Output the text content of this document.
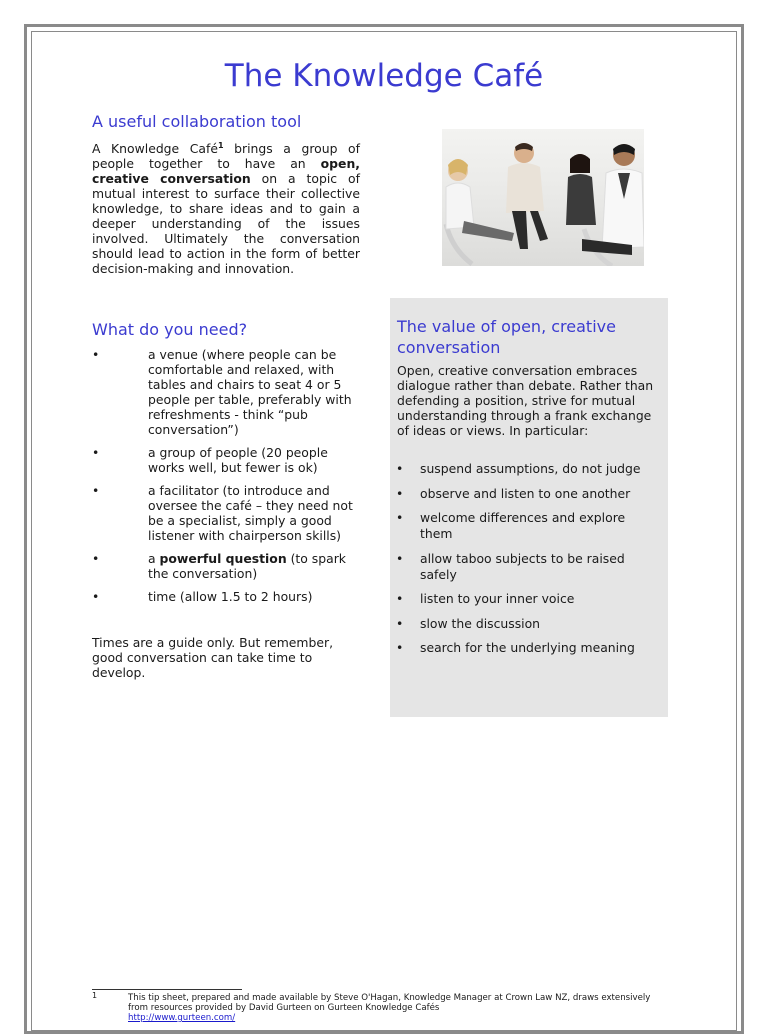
The Knowledge Café
A useful collaboration tool
A Knowledge Café$^1$ brings a group of people together to have an open, creative conversation on a topic of mutual interest to surface their collective knowledge, to share ideas and to gain a deeper understanding of the issues involved. Ultimately the conversation should lead to action in the form of better decision-making and innovation.
What do you need?
•	a venue (where people can be comfortable and relaxed, with tables and chairs to seat 4 or 5 people per table, preferably with refreshments - think “pub conversation”)
•	a group of people (20 people works well, but fewer is ok)
•	a facilitator (to introduce and oversee the café – they need not be a specialist, simply a good listener with chairperson skills)
•	a powerful question (to spark the conversation)
•	time (allow 1.5 to 2 hours)
Times are a guide only. But remember, good conversation can take time to develop.
The value of open, creative conversation
Open, creative conversation embraces dialogue rather than debate. Rather than defending a position, strive for mutual understanding through a frank exchange of ideas or views. In particular:
• suspend assumptions, do not judge
• observe and listen to one another
• welcome differences and explore them
• allow taboo subjects to be raised safely
• listen to your inner voice
• slow the discussion
• search for the underlying meaning
1	This tip sheet, prepared and made available by Steve O'Hagan, Knowledge Manager at Crown Law NZ, draws extensively
from resources provided by David Gurteen on Gurteen Knowledge Cafés
http://www.gurteen.com/
